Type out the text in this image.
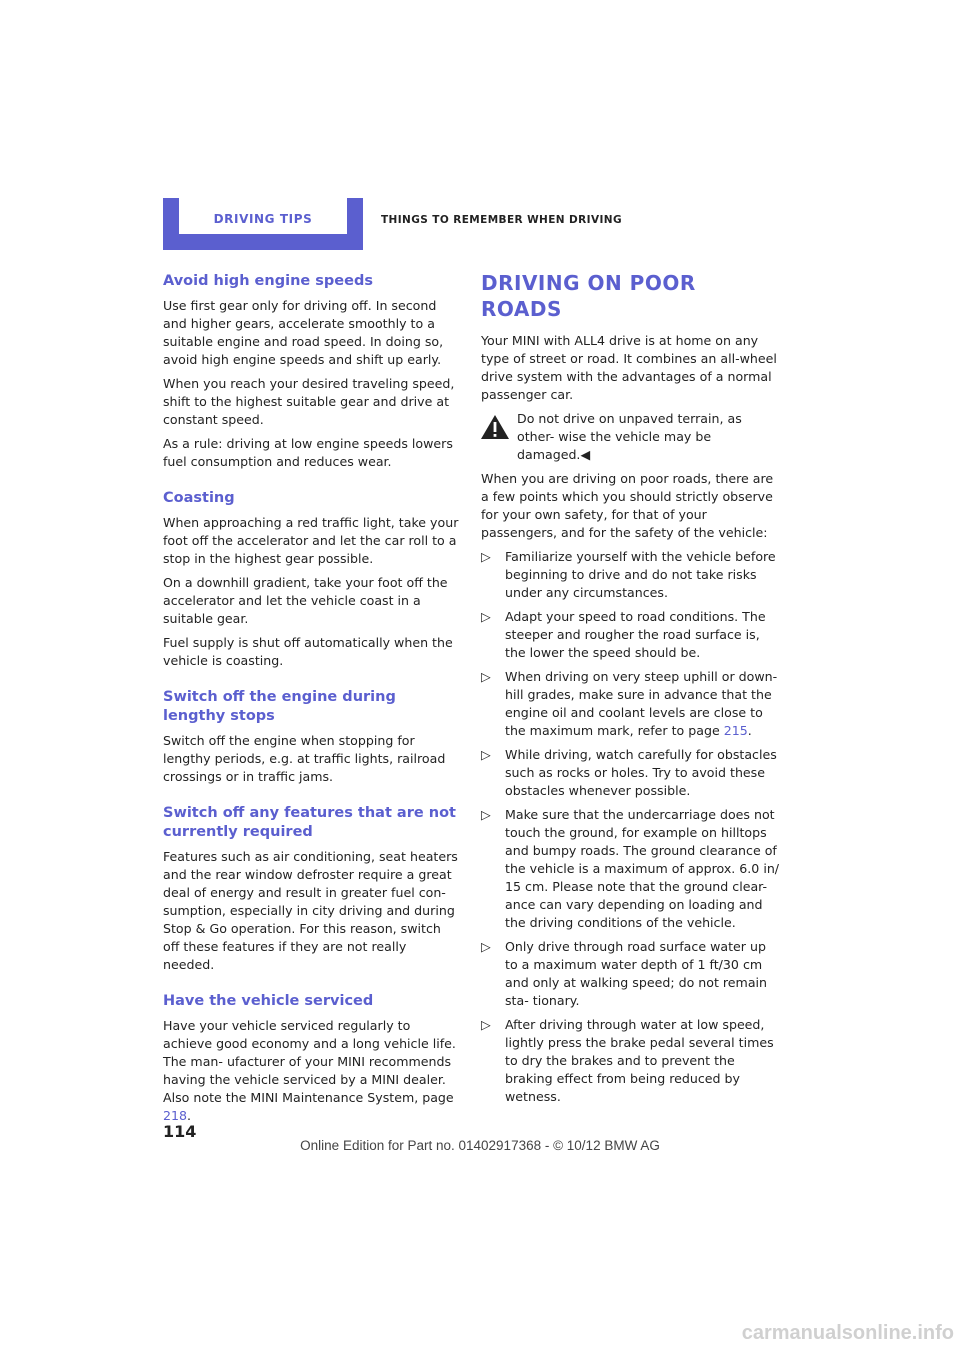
DRIVING TIPS	THINGS TO REMEMBER WHEN DRIVING
Avoid high engine speeds

Use first gear only for driving off. In second and higher gears, accelerate smoothly to a suitable engine and road speed. In doing so, avoid high engine speeds and shift up early.

When you reach your desired traveling speed, shift to the highest suitable gear and drive at constant speed.

As a rule: driving at low engine speeds lowers fuel consumption and reduces wear.

Coasting

When approaching a red traffic light, take your foot off the accelerator and let the car roll to a stop in the highest gear possible.

On a downhill gradient, take your foot off the accelerator and let the vehicle coast in a suitable gear.

Fuel supply is shut off automatically when the vehicle is coasting.

Switch off the engine during lengthy stops

Switch off the engine when stopping for lengthy periods, e.g. at traffic lights, railroad crossings or in traffic jams.

Switch off any features that are not currently required

Features such as air conditioning, seat heaters and the rear window defroster require a great deal of energy and result in greater fuel con- sumption, especially in city driving and during Stop & Go operation. For this reason, switch off these features if they are not really needed.

Have the vehicle serviced

Have your vehicle serviced regularly to achieve good economy and a long vehicle life. The man- ufacturer of your MINI recommends having the vehicle serviced by a MINI dealer. Also note the MINI Maintenance System, page 218.

DRIVING ON POOR ROADS

Your MINI with ALL4 drive is at home on any type of street or road. It combines an all-wheel drive system with the advantages of a normal passenger car.

Do not drive on unpaved terrain, as other- wise the vehicle may be damaged.◀

When you are driving on poor roads, there are a few points which you should strictly observe for your own safety, for that of your passengers, and for the safety of the vehicle:

▷ Familiarize yourself with the vehicle before beginning to drive and do not take risks under any circumstances.
▷ Adapt your speed to road conditions. The steeper and rougher the road surface is, the lower the speed should be.
▷ When driving on very steep uphill or down- hill grades, make sure in advance that the engine oil and coolant levels are close to the maximum mark, refer to page 215.
▷ While driving, watch carefully for obstacles such as rocks or holes. Try to avoid these obstacles whenever possible.
▷ Make sure that the undercarriage does not touch the ground, for example on hilltops and bumpy roads. The ground clearance of the vehicle is a maximum of approx. 6.0 in/ 15 cm. Please note that the ground clear- ance can vary depending on loading and the driving conditions of the vehicle.
▷ Only drive through road surface water up to a maximum water depth of 1 ft/30 cm and only at walking speed; do not remain sta- tionary.
▷ After driving through water at low speed, lightly press the brake pedal several times to dry the brakes and to prevent the braking effect from being reduced by wetness.
114
Online Edition for Part no. 01402917368 - © 10/12 BMW AG
carmanualsonline.info
